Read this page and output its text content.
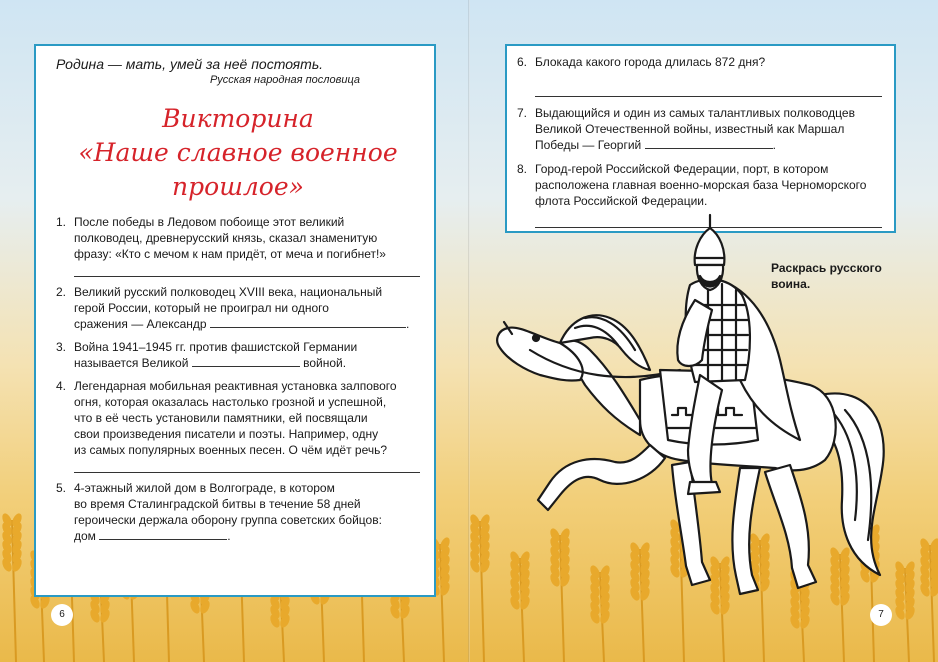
Родина — мать, умей за неё постоять.

Русская народная пословица

Викторина
«Наше славное военное
прошлое»
1. После победы в Ледовом побоище этот великий
полководец, древнерусский князь, сказал знаменитую
фразу: «Кто с мечом к нам придёт, от меча и погибнет!»
2. Великий русский полководец XVIII века, национальный
герой России, который не проиграл ни одного
сражения — Александр	.
3. Война 1941–1945 гг. против фашистской Германии
называется Великой	войной.
4. Легендарная мобильная реактивная установка залпового
огня, которая оказалась настолько грозной и успешной,
что в её честь установили памятники, ей посвящали
свои произведения писатели и поэты. Например, одну
из самых популярных военных песен. О чём идёт речь?
5. 4-этажный жилой дом в Волгограде, в котором
во время Сталинградской битвы в течение 58 дней
героически держала оборону группа советских бойцов:
дом	.
6. Блокада какого города длилась 872 дня?
7. Выдающийся и один из самых талантливых полководцев
Великой Отечественной войны, известный как Маршал
Победы — Георгий	.
8. Город-герой Российской Федерации, порт, в котором
расположена главная военно-морская база Черноморского
флота Российской Федерации.
Раскрась русского воина.
6	7
